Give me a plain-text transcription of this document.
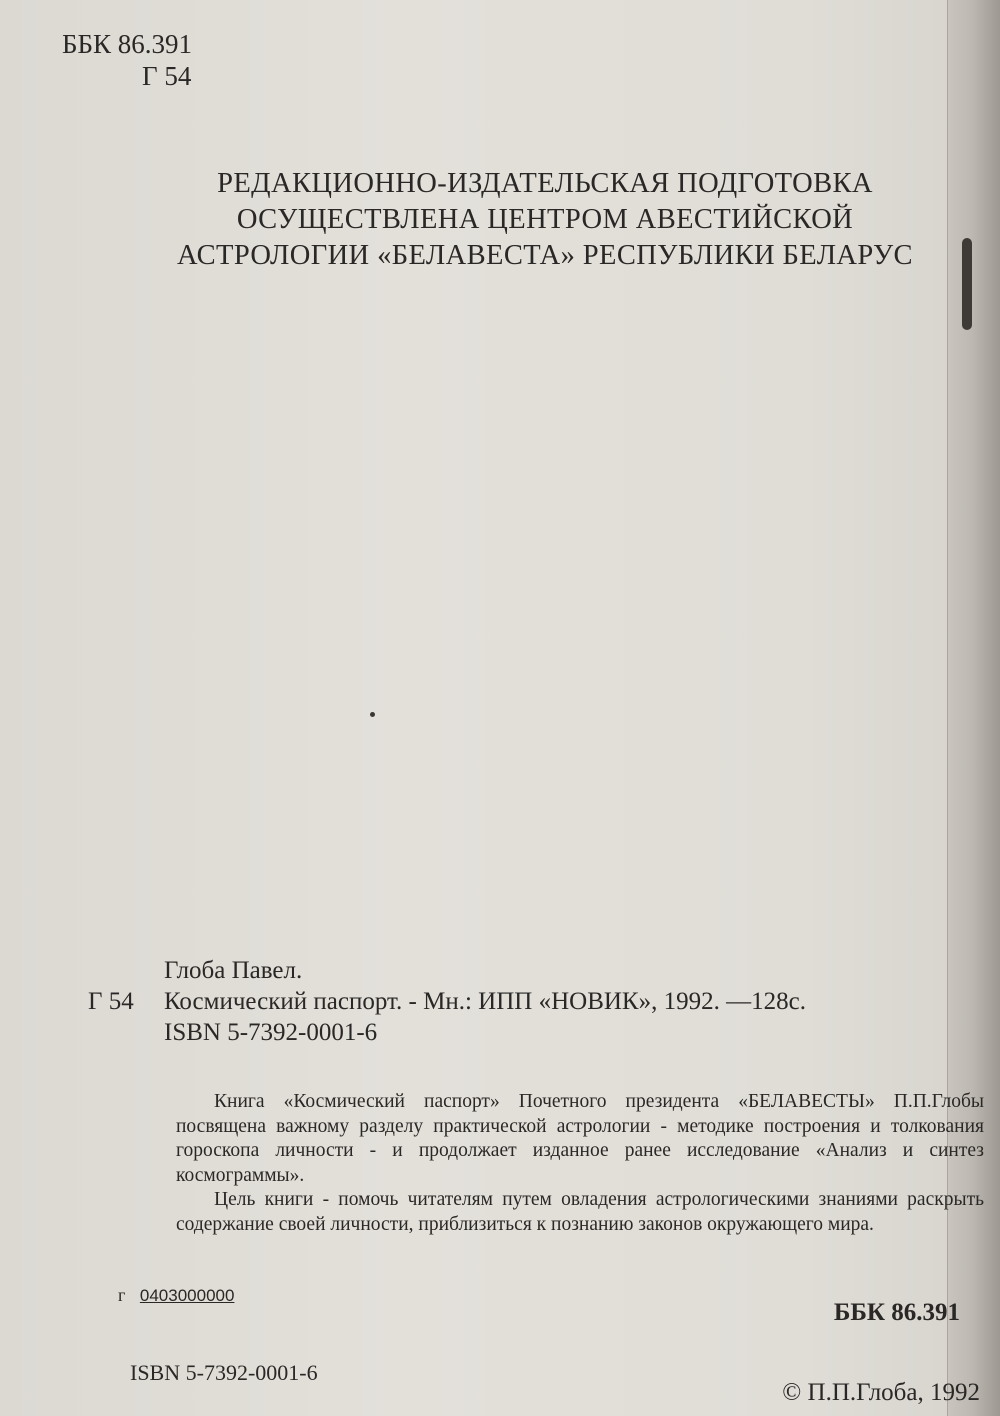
ББК 86.391
Г 54
РЕДАКЦИОННО-ИЗДАТЕЛЬСКАЯ ПОДГОТОВКА
ОСУЩЕСТВЛЕНА ЦЕНТРОМ АВЕСТИЙСКОЙ
АСТРОЛОГИИ «БЕЛАВЕСТА» РЕСПУБЛИКИ БЕЛАРУС
Глоба Павел.
Г 54	Космический паспорт. - Мн.: ИПП «НОВИК», 1992. —128с.
ISBN 5-7392-0001-6

Книга «Космический паспорт» Почетного президента «БЕЛАВЕСТЫ» П.П.Глобы посвящена важному разделу практической астрологии - методике построения и толкования гороскопа личности - и продолжает изданное ранее исследование «Анализ и синтез космограммы».

Цель книги - помочь читателям путем овладения астрологическими знаниями раскрыть содержание своей личности, приблизиться к познанию законов окружающего мира.

г 0403000000
ББК 86.391
ISBN 5-7392-0001-6
© П.П.Глоба, 1992
